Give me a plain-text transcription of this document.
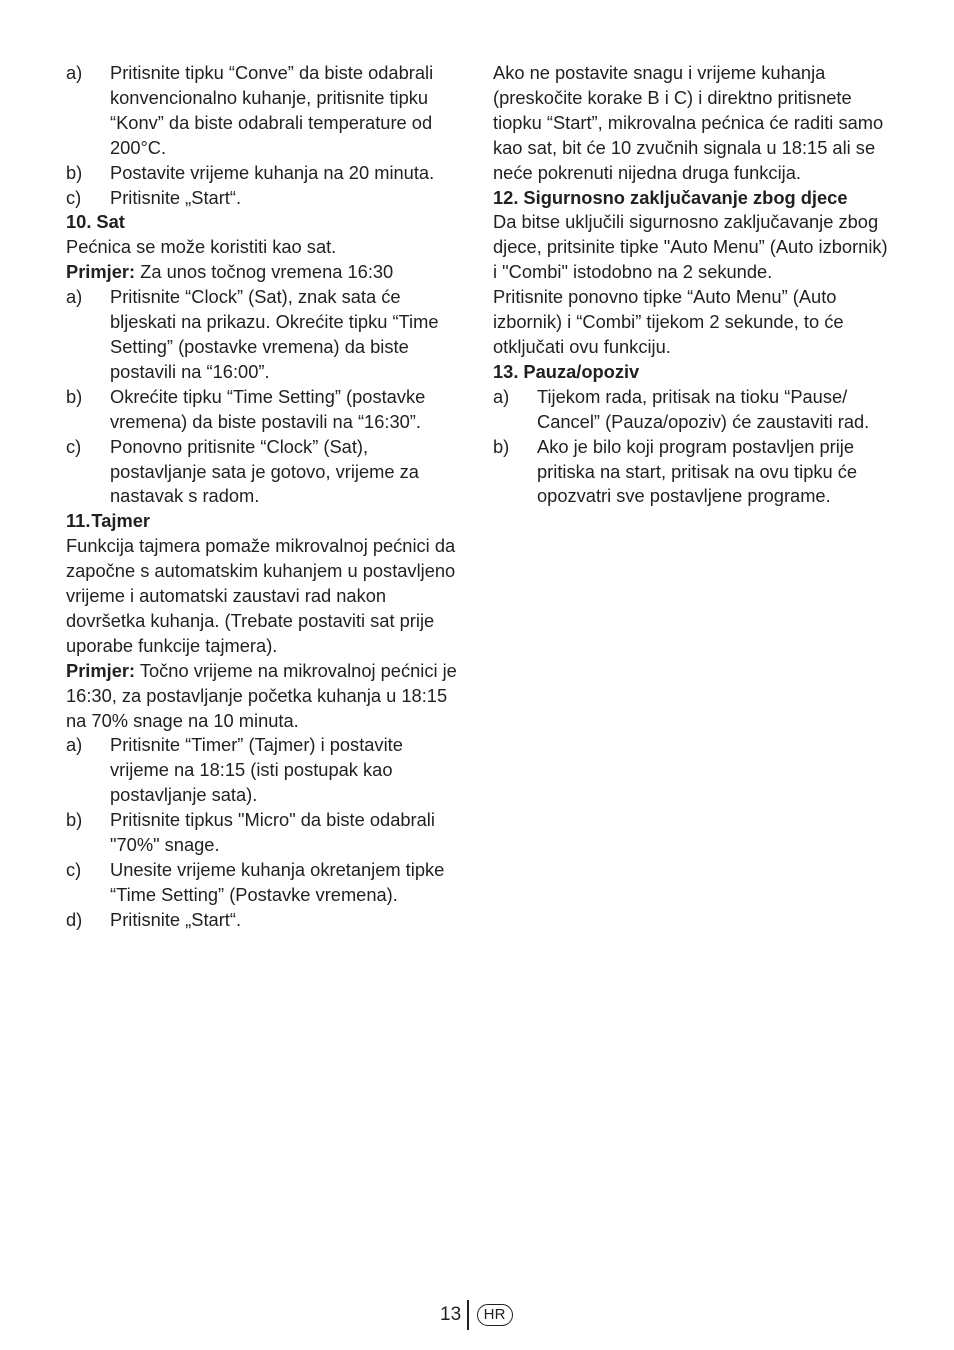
a)	Pritisnite tipku “Conve” da biste odabrali konvencionalno kuhanje, pritisnite tipku “Konv” da biste odabrali temperature od 200°C.
b)	Postavite vrijeme kuhanja na 20 minuta.
c)	Pritisnite „Start“.
10. Sat

Pećnica se može koristiti kao sat.

Primjer: Za unos točnog vremena 16:30

a)	Pritisnite “Clock” (Sat), znak sata će bljeskati na prikazu. Okrećite tipku “Time Setting” (postavke vremena) da biste postavili na “16:00”.
b)	Okrećite tipku “Time Setting” (postavke vremena) da biste postavili na “16:30”.
c)	Ponovno pritisnite “Clock” (Sat), postavljanje sata je gotovo, vrijeme za nastavak s radom.
11.Tajmer

Funkcija tajmera pomaže mikrovalnoj pećnici da započne s automatskim kuhanjem u postavljeno vrijeme i automatski zaustavi rad nakon dovršetka kuhanja. (Trebate postaviti sat prije uporabe funkcije tajmera).

Primjer: Točno vrijeme na mikrovalnoj pećnici je 16:30, za postavljanje početka kuhanja u 18:15 na 70% snage na 10 minuta.

a)	Pritisnite “Timer” (Tajmer) i postavite vrijeme na 18:15 (isti postupak kao postavljanje sata).
b)	Pritisnite tipkus "Micro" da biste odabrali "70%" snage.
c)	Unesite vrijeme kuhanja okretanjem tipke “Time Setting” (Postavke vremena).
d)	Pritisnite „Start“.

Ako ne postavite snagu i vrijeme kuhanja (preskočite korake B i C) i direktno pritisnete tiopku “Start”, mikrovalna pećnica će raditi samo kao sat, bit će 10 zvučnih signala u 18:15 ali se neće pokrenuti nijedna druga funkcija.

12. Sigurnosno zaključavanje zbog djece

Da bitse uključili sigurnosno zaključavanje zbog djece, pritsinite tipke "Auto Menu” (Auto izbornik) i "Combi" istodobno na 2 sekunde.

Pritisnite ponovno tipke “Auto Menu” (Auto izbornik) i “Combi” tijekom 2 sekunde, to će otključati ovu funkciju.

13. Pauza/opoziv
a)	Tijekom rada, pritisak na tioku “Pause/ Cancel” (Pauza/opoziv) će zaustaviti rad.
b)	Ako je bilo koji program postavljen prije pritiska na start, pritisak na ovu tipku će opozvatri sve postavljene programe.
13	HR
